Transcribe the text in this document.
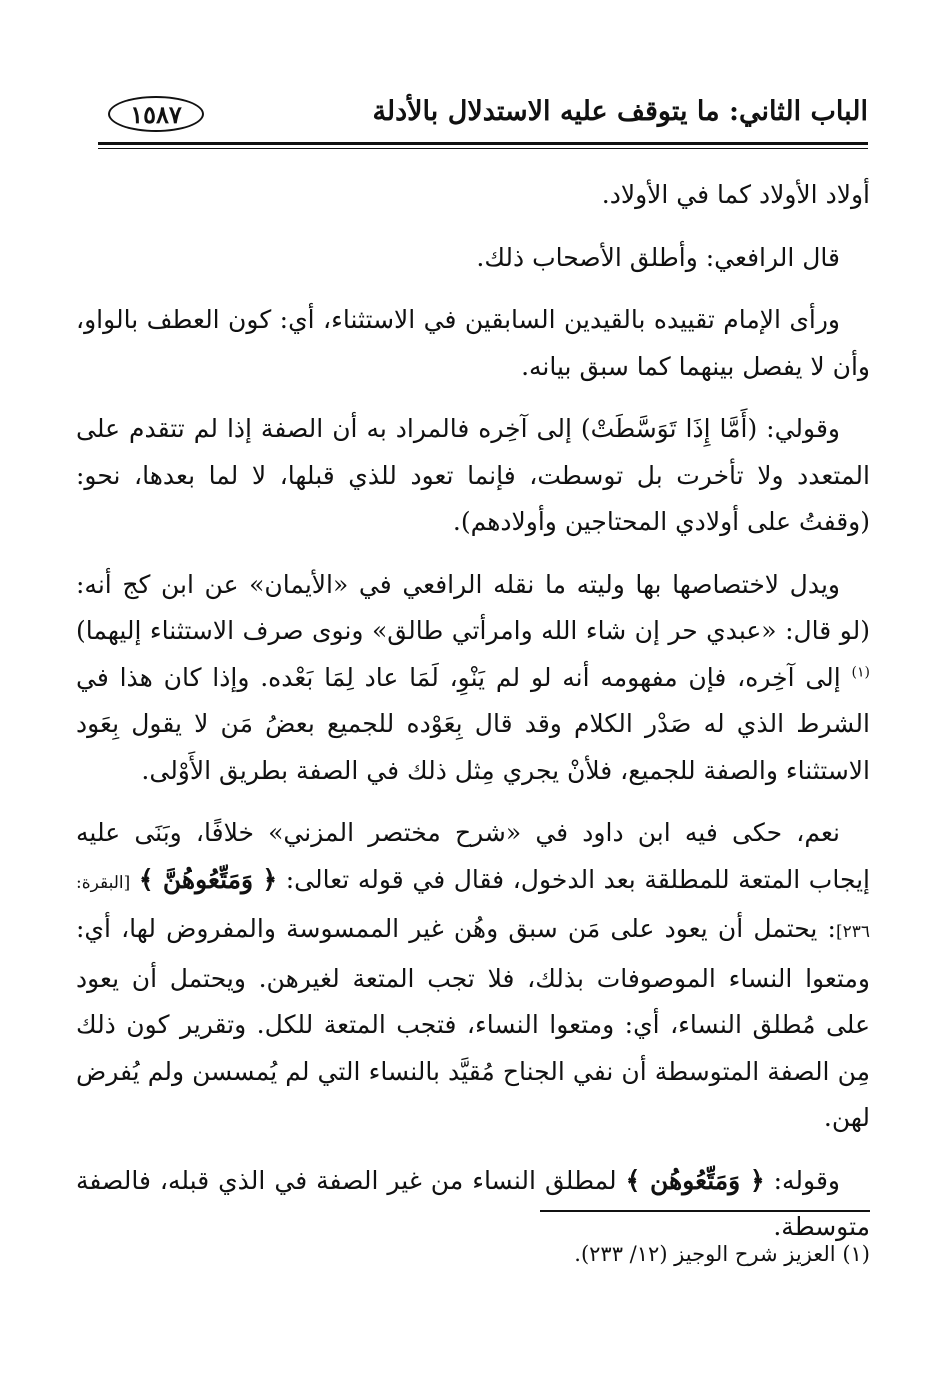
١٥٨٧	الباب الثاني: ما يتوقف عليه الاستدلال بالأدلة

أولاد الأولاد كما في الأولاد.

قال الرافعي: وأطلق الأصحاب ذلك.

ورأى الإمام تقييده بالقيدين السابقين في الاستثناء، أي: كون العطف بالواو، وأن لا يفصل بينهما كما سبق بيانه.

وقولي: (أَمَّا إِذَا تَوَسَّطَتْ) إلى آخِره فالمراد به أن الصفة إذا لم تتقدم على المتعدد ولا تأخرت بل توسطت، فإنما تعود للذي قبلها، لا لما بعدها، نحو: (وقفتُ على أولادي المحتاجين وأولادهم).

ويدل لاختصاصها بها وليته ما نقله الرافعي في «الأيمان» عن ابن كج أنه: (لو قال: «عبدي حر إن شاء الله وامرأتي طالق» ونوى صرف الاستثناء إليهما)$^{(١)}$ إلى آخِره، فإن مفهومه أنه لو لم يَنْوِ، لَمَا عاد لِمَا بَعْده. وإذا كان هذا في الشرط الذي له صَدْر الكلام وقد قال بِعَوْده للجميع بعضُ مَن لا يقول بِعَود الاستثناء والصفة للجميع، فلأنْ يجري مِثل ذلك في الصفة بطريق الأَوْلى.

نعم، حكى فيه ابن داود في «شرح مختصر المزني» خلافًا، وبَنَى عليه إيجاب المتعة للمطلقة بعد الدخول، فقال في قوله تعالى: ﴿ وَمَتِّعُوهُنَّ ﴾ [البقرة: ٢٣٦]: يحتمل أن يعود على مَن سبق وهُن غير الممسوسة والمفروض لها، أي: ومتعوا النساء الموصوفات بذلك، فلا تجب المتعة لغيرهن. ويحتمل أن يعود على مُطلق النساء، أي: ومتعوا النساء، فتجب المتعة للكل. وتقرير كون ذلك مِن الصفة المتوسطة أن نفي الجناح مُقيَّد بالنساء التي لم يُمسسن ولم يُفرض لهن.

وقوله: ﴿ وَمَتِّعُوهُن ﴾ لمطلق النساء من غير الصفة في الذي قبله، فالصفة متوسطة.

(١) العزيز شرح الوجيز (١٢/ ٢٣٣).
